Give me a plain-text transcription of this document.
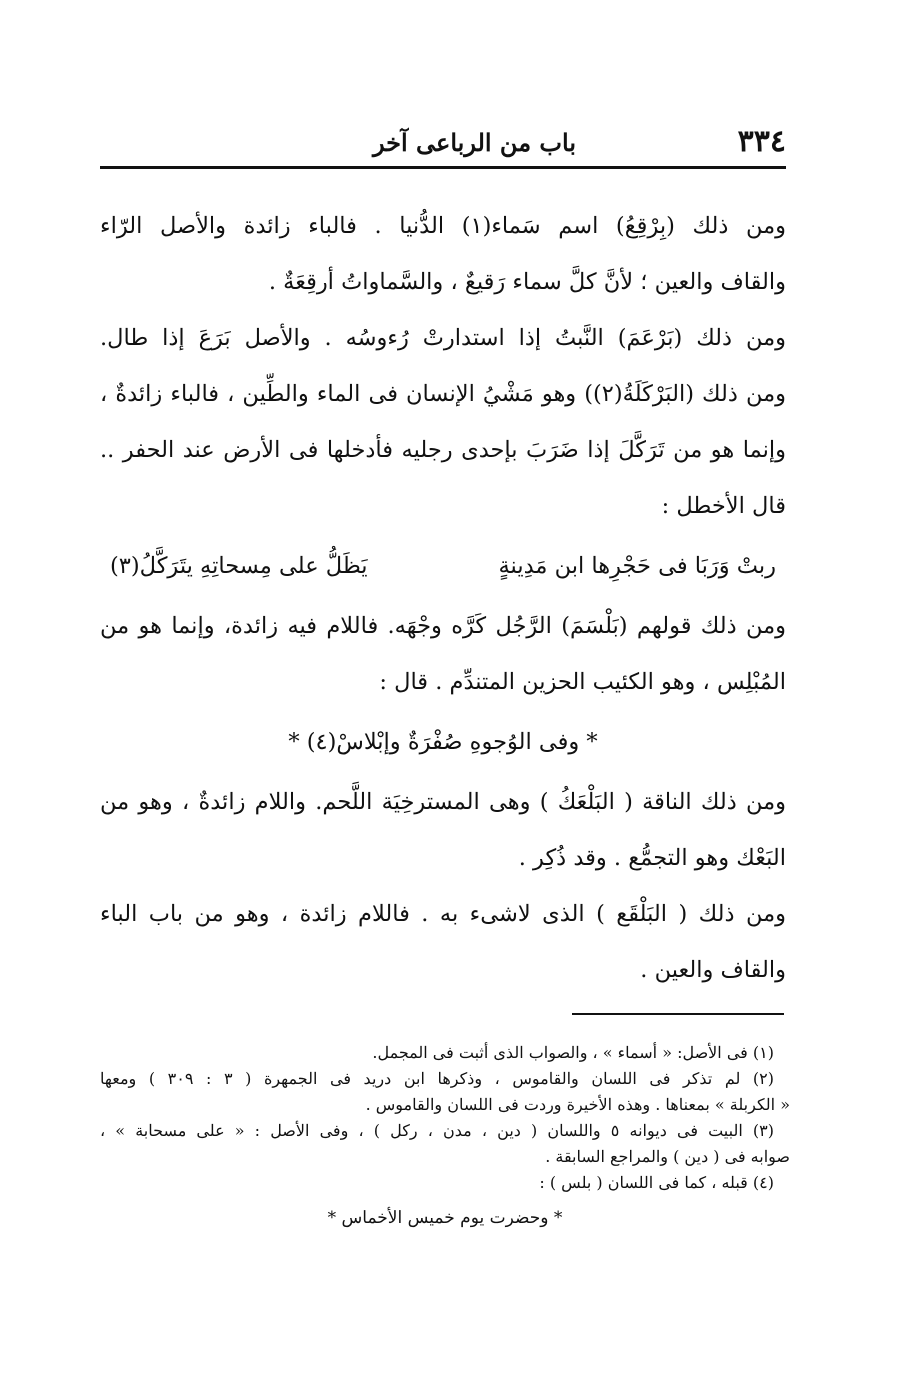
٣٣٤
باب من الرباعى آخر
ومن ذلك (بِرْقِعُ) اسم سَماء(١) الدُّنيا . فالباء زائدة والأصل الرّاء
والقاف والعين ؛ لأنَّ كلَّ سماء رَقيعٌ ، والسَّماواتُ أرقِعَةٌ .
ومن ذلك (بَرْعَمَ) النَّبتُ إذا استدارتْ رُءوسُه . والأصل بَرَعَ إذا طال.
ومن ذلك (البَرْكَلَةُ(٢)) وهو مَشْيُ الإنسان فى الماء والطِّين ، فالباء زائدةٌ ،
وإنما هو من تَرَكَّلَ إذا ضَرَبَ بإحدى رجليه فأدخلها فى الأرض عند الحفر ..
قال الأخطل :
ربتْ وَرَبَا فى حَجْرِها ابن مَدِينةٍ
يَظَلُّ على مِسحاتِهِ يتَرَكَّلُ(٣)
ومن ذلك قولهم (بَلْسَمَ) الرَّجُل كَرَّه وجْهَه. فاللام فيه زائدة، وإنما هو من
المُبْلِس ، وهو الكئيب الحزين المتندِّم . قال :
* وفى الوُجوهِ صُفْرَةٌ وإبْلاسْ(٤) *
ومن ذلك الناقة ( البَلْعَكُ ) وهى المسترخِيَة اللَّحم. واللام زائدةٌ ، وهو من
البَعْك وهو التجمُّع . وقد ذُكِر .
ومن ذلك ( البَلْقَع ) الذى لاشىء به . فاللام زائدة ، وهو من باب الباء
والقاف والعين .
(١) فى الأصل: « أسماء » ، والصواب الذى أثبت فى المجمل.
(٢) لم تذكر فى اللسان والقاموس ، وذكرها ابن دريد فى الجمهرة ( ٣ : ٣٠٩ ) ومعها
« الكربلة » بمعناها . وهذه الأخيرة وردت فى اللسان والقاموس .
(٣) البيت فى ديوانه ٥ واللسان ( دين ، مدن ، ركل ) ، وفى الأصل : « على مسحابة » ،
صوابه فى ( دين ) والمراجع السابقة .
(٤) قبله ، كما فى اللسان ( بلس ) :
* وحضرت يوم خميس الأخماس *
